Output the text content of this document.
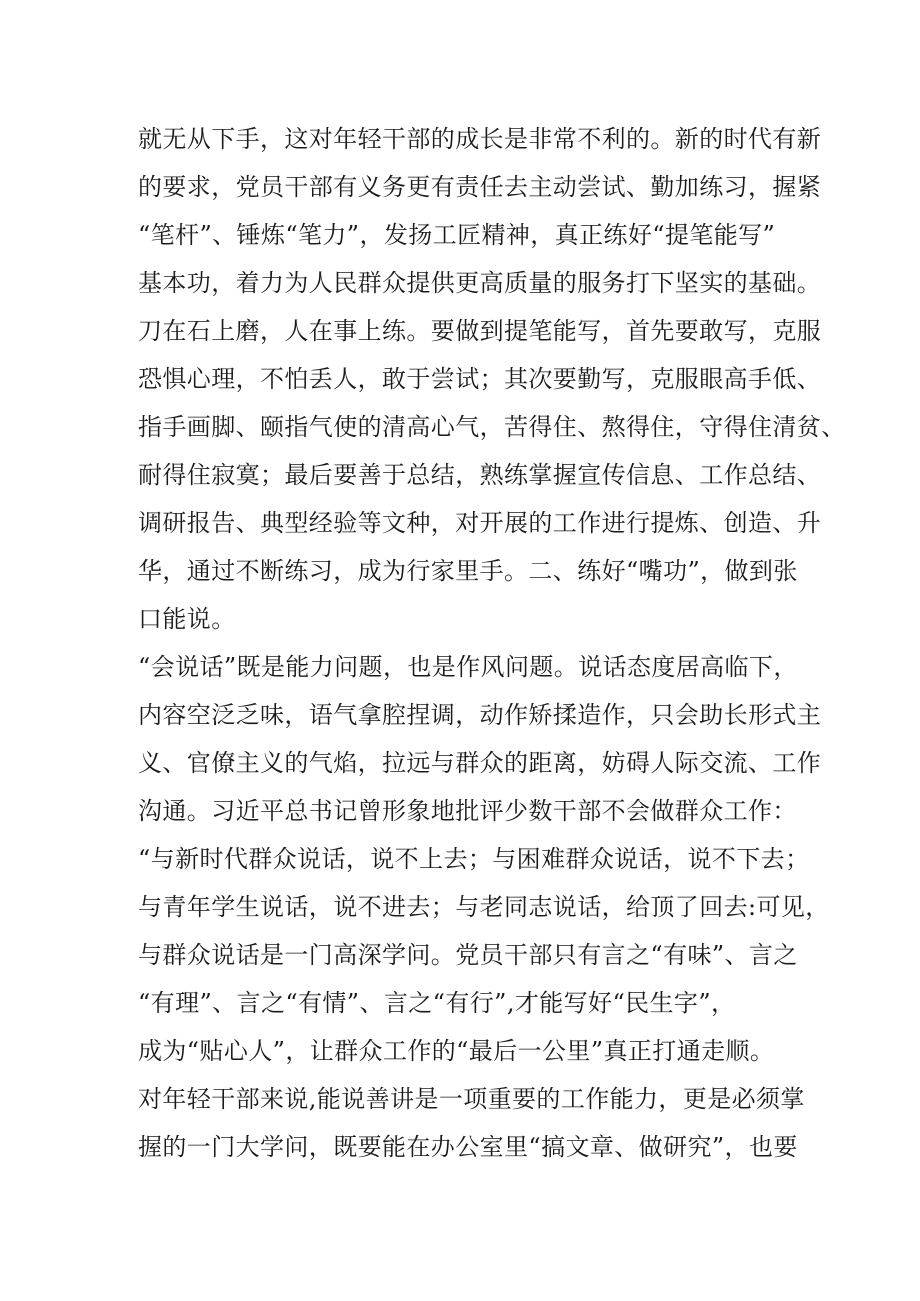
就无从下手，这对年轻干部的成长是非常不利的。新的时代有新
的要求，党员干部有义务更有责任去主动尝试、勤加练习，握紧
“笔杆”、锤炼“笔力”，发扬工匠精神，真正练好“提笔能写”
基本功，着力为人民群众提供更高质量的服务打下坚实的基础。
刀在石上磨，人在事上练。要做到提笔能写，首先要敢写，克服
恐惧心理，不怕丢人，敢于尝试；其次要勤写，克服眼高手低、
指手画脚、颐指气使的清高心气，苦得住、熬得住，守得住清贫、
耐得住寂寞；最后要善于总结，熟练掌握宣传信息、工作总结、
调研报告、典型经验等文种，对开展的工作进行提炼、创造、升
华，通过不断练习，成为行家里手。二、练好“嘴功”，做到张
口能说。
“会说话”既是能力问题，也是作风问题。说话态度居高临下，
内容空泛乏味，语气拿腔捏调，动作矫揉造作，只会助长形式主
义、官僚主义的气焰，拉远与群众的距离，妨碍人际交流、工作
沟通。习近平总书记曾形象地批评少数干部不会做群众工作：
“与新时代群众说话，说不上去；与困难群众说话，说不下去；
与青年学生说话，说不进去；与老同志说话，给顶了回去:可见，
与群众说话是一门高深学问。党员干部只有言之“有味”、言之
“有理”、言之“有情”、言之“有行”,才能写好“民生字”，
成为“贴心人”，让群众工作的“最后一公里”真正打通走顺。
对年轻干部来说,能说善讲是一项重要的工作能力，更是必须掌
握的一门大学问，既要能在办公室里“搞文章、做研究”，也要
